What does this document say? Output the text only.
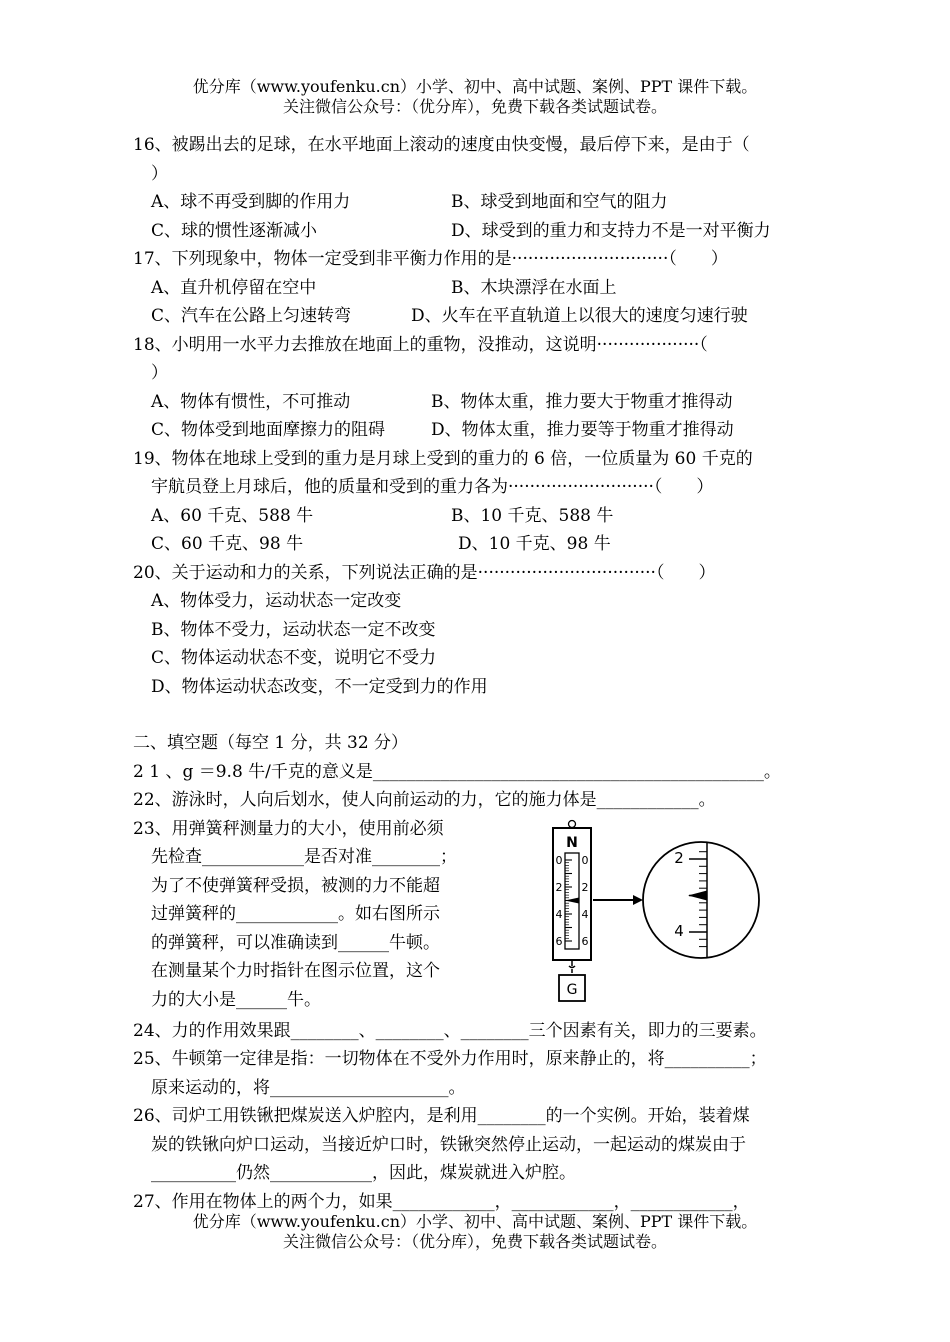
优分库（www.youfenku.cn）小学、初中、高中试题、案例、PPT 课件下载。
关注微信公众号：（优分库），免费下载各类试题试卷。
16、被踢出去的足球，在水平地面上滚动的速度由快变慢，最后停下来，是由于（
）
A、球不再受到脚的作用力	B、球受到地面和空气的阻力
C、球的惯性逐渐减小	D、球受到的重力和支持力不是一对平衡力
17、下列现象中，物体一定受到非平衡力作用的是·····························（　　）
A、直升机停留在空中	B、木块漂浮在水面上
C、汽车在公路上匀速转弯	D、火车在平直轨道上以很大的速度匀速行驶
18、小明用一水平力去推放在地面上的重物，没推动，这说明···················（
）
A、物体有惯性，不可推动	B、物体太重，推力要大于物重才推得动
C、物体受到地面摩擦力的阻碍	D、物体太重，推力要等于物重才推得动
19、物体在地球上受到的重力是月球上受到的重力的 6 倍，一位质量为 60 千克的
宇航员登上月球后，他的质量和受到的重力各为···························（　　）
A、60 千克、588 牛	B、10 千克、588 牛
C、60 千克、98 牛	D、10 千克、98 牛
20、关于运动和力的关系，下列说法正确的是·································（　　）
A、物体受力，运动状态一定改变
B、物体不受力，运动状态一定不改变
C、物体运动状态不变，说明它不受力
D、物体运动状态改变，不一定受到力的作用
二、填空题（每空 1 分，共 32 分）
2 1 、g ＝9.8 牛/千克的意义是______________________________________________。
22、游泳时，人向后划水，使人向前运动的力，它的施力体是____________。
23、用弹簧秤测量力的大小，使用前必须
先检查____________是否对准________；
为了不使弹簧秤受损，被测的力不能超
过弹簧秤的____________。如右图所示
的弹簧秤，可以准确读到______牛顿。
在测量某个力时指针在图示位置，这个
力的大小是______牛。
N
0
2
4
6
0
2
4
6
G
2
4
24、力的作用效果跟________、________、________三个因素有关，即力的三要素。
25、牛顿第一定律是指：一切物体在不受外力作用时，原来静止的，将__________；
原来运动的，将_____________________。
26、司炉工用铁锹把煤炭送入炉腔内，是利用________的一个实例。开始，装着煤
炭的铁锹向炉口运动，当接近炉口时，铁锹突然停止运动，一起运动的煤炭由于
__________仍然____________，因此，煤炭就进入炉腔。
27、作用在物体上的两个力，如果____________，____________，____________，
优分库（www.youfenku.cn）小学、初中、高中试题、案例、PPT 课件下载。
关注微信公众号：（优分库），免费下载各类试题试卷。
